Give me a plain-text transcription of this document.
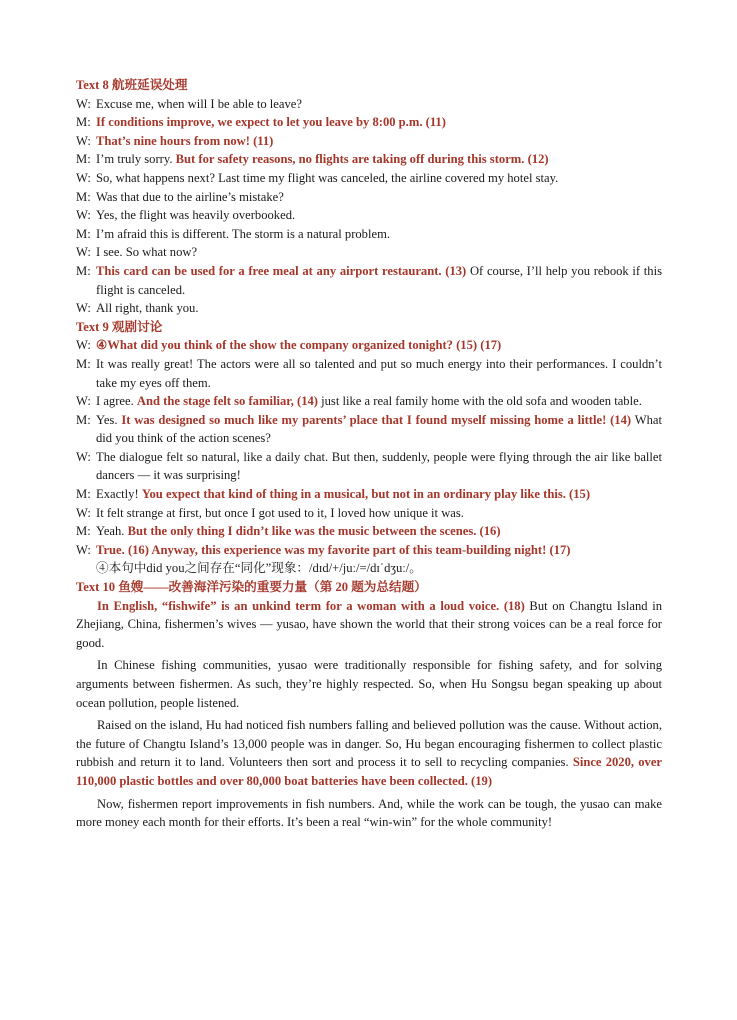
Text 8 航班延误处理

W: Excuse me, when will I be able to leave?
M: If conditions improve, we expect to let you leave by 8:00 p.m. (11)
W: That’s nine hours from now! (11)
M: I’m truly sorry. But for safety reasons, no flights are taking off during this storm. (12)
W: So, what happens next? Last time my flight was canceled, the airline covered my hotel stay.
M: Was that due to the airline’s mistake?
W: Yes, the flight was heavily overbooked.
M: I’m afraid this is different. The storm is a natural problem.
W: I see. So what now?
M: This card can be used for a free meal at any airport restaurant. (13) Of course, I’ll help you rebook if this flight is canceled.
W: All right, thank you.

Text 9 观剧讨论

W: ④What did you think of the show the company organized tonight? (15) (17)
M: It was really great! The actors were all so talented and put so much energy into their performances. I couldn’t take my eyes off them.
W: I agree. And the stage felt so familiar, (14) just like a real family home with the old sofa and wooden table.
M: Yes. It was designed so much like my parents’ place that I found myself missing home a little! (14) What did you think of the action scenes?
W: The dialogue felt so natural, like a daily chat. But then, suddenly, people were flying through the air like ballet dancers — it was surprising!
M: Exactly! You expect that kind of thing in a musical, but not in an ordinary play like this. (15)
W: It felt strange at first, but once I got used to it, I loved how unique it was.
M: Yeah. But the only thing I didn’t like was the music between the scenes. (16)
W: True. (16) Anyway, this experience was my favorite part of this team-building night! (17)

④本句中did you之间存在“同化”现象：/dɪd/+/juː/=/dɪˈdʒuː/。

Text 10 鱼嫂——改善海洋污染的重要力量（第 20 题为总结题）

In English, “fishwife” is an unkind term for a woman with a loud voice. (18) But on Changtu Island in Zhejiang, China, fishermen’s wives — yusao, have shown the world that their strong voices can be a real force for good.

In Chinese fishing communities, yusao were traditionally responsible for fishing safety, and for solving arguments between fishermen. As such, they’re highly respected. So, when Hu Songsu began speaking up about ocean pollution, people listened.

Raised on the island, Hu had noticed fish numbers falling and believed pollution was the cause. Without action, the future of Changtu Island’s 13,000 people was in danger. So, Hu began encouraging fishermen to collect plastic rubbish and return it to land. Volunteers then sort and process it to sell to recycling companies. Since 2020, over 110,000 plastic bottles and over 80,000 boat batteries have been collected. (19)

Now, fishermen report improvements in fish numbers. And, while the work can be tough, the yusao can make more money each month for their efforts. It’s been a real “win-win” for the whole community!
